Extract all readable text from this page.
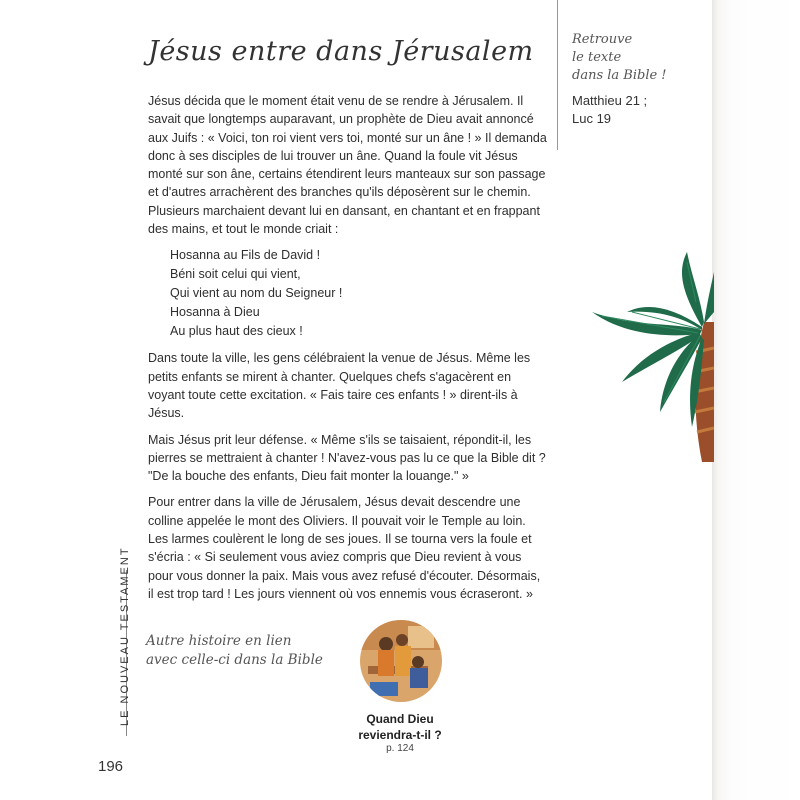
Jésus entre dans Jérusalem	Retrouve
le texte
dans la Bible !
Matthieu 21 ;
Luc 19

Jésus décida que le moment était venu de se rendre à Jérusalem. Il savait que longtemps auparavant, un prophète de Dieu avait annoncé aux Juifs : « Voici, ton roi vient vers toi, monté sur un âne ! » Il demanda donc à ses disciples de lui trouver un âne. Quand la foule vit Jésus monté sur son âne, certains étendirent leurs manteaux sur son passage et d'autres arrachèrent des branches qu'ils déposèrent sur le chemin. Plusieurs marchaient devant lui en dansant, en chantant et en frappant des mains, et tout le monde criait :

Hosanna au Fils de David !
Béni soit celui qui vient,
Qui vient au nom du Seigneur !
Hosanna à Dieu
Au plus haut des cieux !

Dans toute la ville, les gens célébraient la venue de Jésus. Même les petits enfants se mirent à chanter. Quelques chefs s'agacèrent en voyant toute cette excitation. « Fais taire ces enfants ! » dirent-ils à Jésus.

Mais Jésus prit leur défense. « Même s'ils se taisaient, répondit-il, les pierres se mettraient à chanter ! N'avez-vous pas lu ce que la Bible dit ? "De la bouche des enfants, Dieu fait monter la louange." »

Pour entrer dans la ville de Jérusalem, Jésus devait descendre une colline appelée le mont des Oliviers. Il pouvait voir le Temple au loin. Les larmes coulèrent le long de ses joues. Il se tourna vers la foule et s'écria : « Si seulement vous aviez compris que Dieu revient à vous pour vous donner la paix. Mais vous avez refusé d'écouter. Désormais, il est trop tard ! Les jours viennent où vos ennemis vous écraseront. »

LE NOUVEAU TESTAMENT
196
Autre histoire en lien
avec celle-ci dans la Bible
Quand Dieu
reviendra-t-il ?
p. 124
